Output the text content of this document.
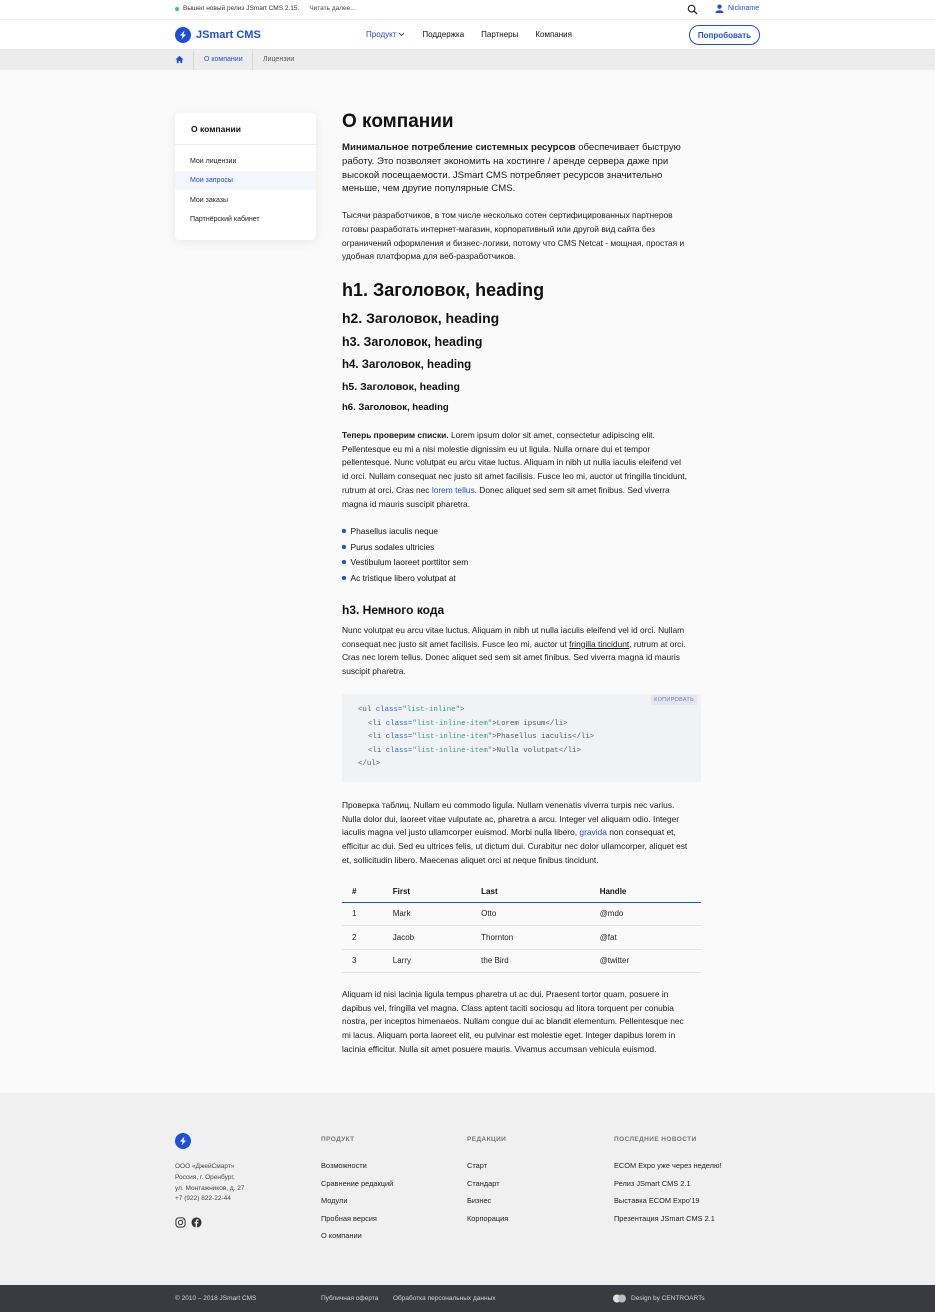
Вышел новый релиз JSmart CMS 2.15. Читать далее...	Nickname
JSmart CMS	Продукт	Поддержка Партнеры Компания	Попробовать
О компании	Лицензии
О компании
Мои лицензии
Мои запросы
Мои заказы
Партнёрский кабинет
О компании

Минимальное потребление системных ресурсов обеспечивает быструю
работу. Это позволяет экономить на хостинге / аренде сервера даже при
высокой посещаемости. JSmart CMS потребляет ресурсов значительно
меньше, чем другие популярные CMS.

Тысячи разработчиков, в том числе несколько сотен сертифицированных партнеров
готовы разработать интернет-магазин, корпоративный или другой вид сайта без
ограничений оформления и бизнес-логики, потому что CMS Netcat - мощная, простая и
удобная платформа для веб-разработчиков.

h1. Заголовок, heading
h2. Заголовок, heading
h3. Заголовок, heading
h4. Заголовок, heading
h5. Заголовок, heading
h6. Заголовок, heading

Теперь проверим списки. Lorem ipsum dolor sit amet, consectetur adipiscing elit.
Pellentesque eu mi a nisi molestie dignissim eu ut ligula. Nulla ornare dui et tempor
pellentesque. Nunc volutpat eu arcu vitae luctus. Aliquam in nibh ut nulla iaculis eleifend vel
id orci. Nullam consequat nec justo sit amet facilisis. Fusce leo mi, auctor ut fringilla tincidunt,
rutrum at orci. Cras nec lorem tellus. Donec aliquet sed sem sit amet finibus. Sed viverra
magna id mauris suscipit pharetra.

Phasellus iaculis neque
Purus sodales ultricies
Vestibulum laoreet porttitor sem
Ac tristique libero volutpat at
h3. Немного кода

Nunc volutpat eu arcu vitae luctus. Aliquam in nibh ut nulla iaculis eleifend vel id orci. Nullam
consequat nec justo sit amet facilisis. Fusce leo mi, auctor ut fringilla tincidunt, rutrum at orci.
Cras nec lorem tellus. Donec aliquet sed sem sit amet finibus. Sed viverra magna id mauris
suscipit pharetra.

КОПИРОВАТЬ
<ul class="list-inline">
<li class="list-inline-item">Lorem ipsum</li>
<li class="list-inline-item">Phasellus iaculis</li>
<li class="list-inline-item">Nulla volutpat</li>
</ul>

Проверка таблиц. Nullam eu commodo ligula. Nullam venenatis viverra turpis nec varius.
Nulla dolor dui, laoreet vitae vulputate ac, pharetra a arcu. Integer vel aliquam odio. Integer
iaculis magna vel justo ullamcorper euismod. Morbi nulla libero, gravida non consequat et,
efficitur ac dui. Sed eu ultrices felis, ut dictum dui. Curabitur nec dolor ullamcorper, aliquet est
et, sollicitudin libero. Maecenas aliquet orci at neque finibus tincidunt.

#	First	Last	Handle
1	Mark	Otto	@mdo
2	Jacob	Thornton	@fat
3	Larry	the Bird	@twitter

Aliquam id nisi lacinia ligula tempus pharetra ut ac dui. Praesent tortor quam, posuere in
dapibus vel, fringilla vel magna. Class aptent taciti sociosqu ad litora torquent per conubia
nostra, per inceptos himenaeos. Nullam congue dui ac blandit elementum. Pellentesque nec
mi lacus. Aliquam porta laoreet elit, eu pulvinar est molestie eget. Integer dapibus lorem in
lacinia efficitur. Nulla sit amet posuere mauris. Vivamus accumsan vehicula euismod.

ООО «ДжейСмарт»
Россия, г. Оренбург,
ул. Монтажников, д. 27
+7 (922) 822-22-44
ПРОДУКТ
Возможности
Сравнение редакций
Модули
Пробная версия
О компании
РЕДАКЦИИ
Старт
Стандарт
Бизнес
Корпорация
ПОСЛЕДНИЕ НОВОСТИ
ECOM Expo уже через неделю!
Релиз JSmart CMS 2.1
Выставка ECOM Expo'19
Презентация JSmart CMS 2.1
© 2010 – 2018 JSmart CMS	Публичная оферта Обработка персональных данных	Design by CENTROARTs
